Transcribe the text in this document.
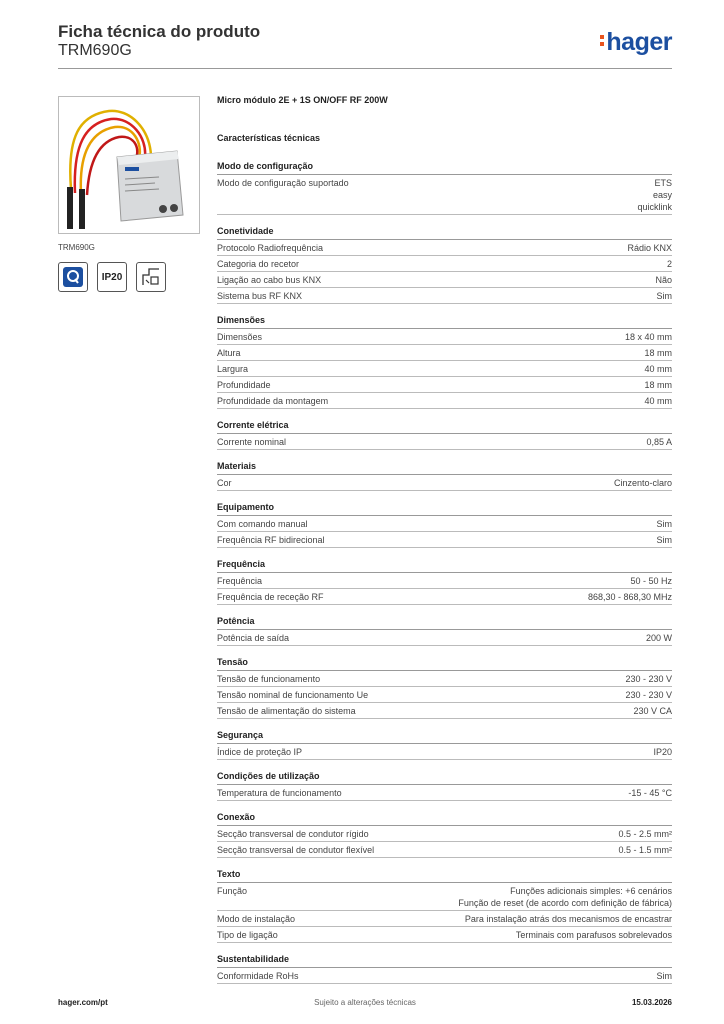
Ficha técnica do produto
TRM690G	hager
TRM690G
IP20
Micro módulo 2E + 1S ON/OFF RF 200W
Características técnicas
Modo de configuração
Modo de configuração suportado	ETS
easy
quicklink
Conetividade
Protocolo Radiofrequência	Rádio KNX
Categoria do recetor	2
Ligação ao cabo bus KNX	Não
Sistema bus RF KNX	Sim
Dimensões
Dimensões	18 x 40 mm
Altura	18 mm
Largura	40 mm
Profundidade	18 mm
Profundidade da montagem	40 mm
Corrente elétrica
Corrente nominal	0,85 A
Materiais
Cor	Cinzento-claro
Equipamento
Com comando manual	Sim
Frequência RF bidirecional	Sim
Frequência
Frequência	50 - 50 Hz
Frequência de receção RF	868,30 - 868,30 MHz
Potência
Potência de saída	200 W
Tensão
Tensão de funcionamento	230 - 230 V
Tensão nominal de funcionamento Ue	230 - 230 V
Tensão de alimentação do sistema	230 V CA
Segurança
Índice de proteção IP	IP20
Condições de utilização
Temperatura de funcionamento	-15 - 45 °C
Conexão
Secção transversal de condutor rígido	0.5 - 2.5 mm²
Secção transversal de condutor flexível	0.5 - 1.5 mm²
Texto
Função	Funções adicionais simples: +6 cenários
Função de reset (de acordo com definição de fábrica)
Modo de instalação	Para instalação atrás dos mecanismos de encastrar
Tipo de ligação	Terminais com parafusos sobrelevados
Sustentabilidade
Conformidade RoHs	Sim
hager.com/pt	Sujeito a alterações técnicas	15.03.2026
